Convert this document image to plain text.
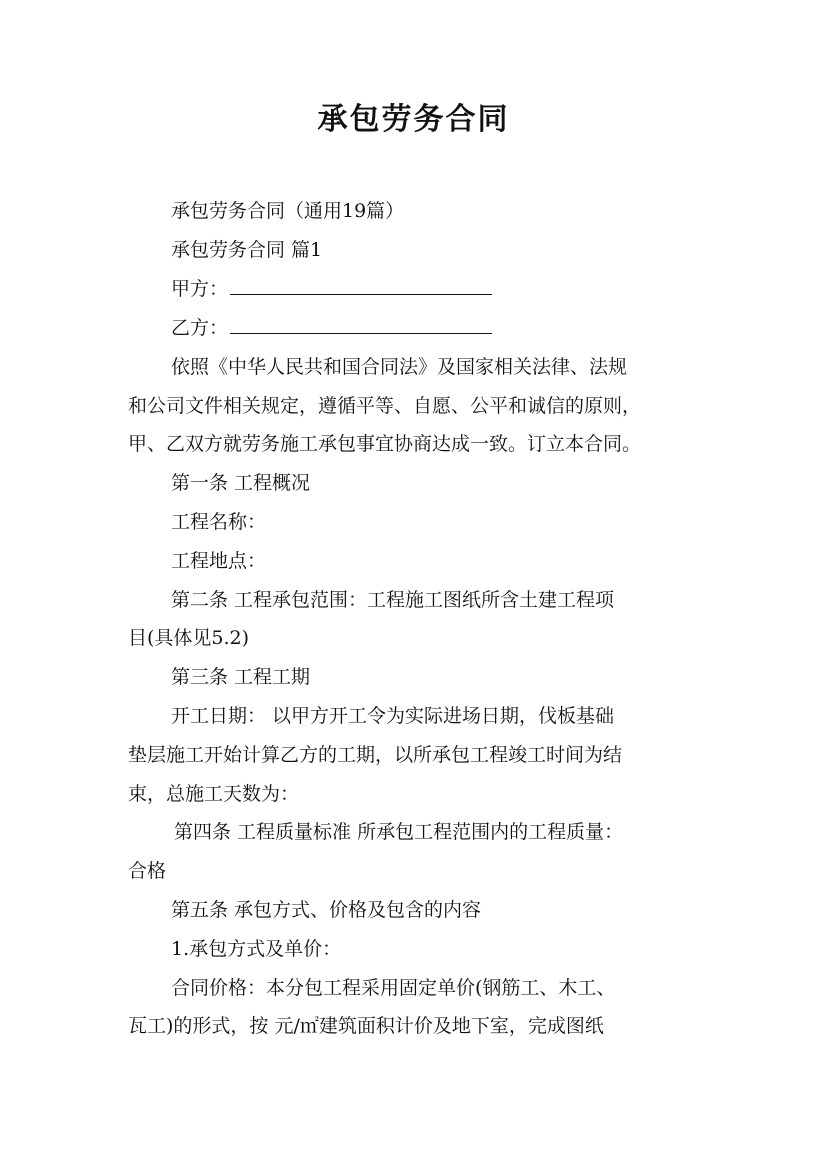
承包劳务合同
承包劳务合同（通用19篇）
承包劳务合同 篇1
甲方：
乙方：
依照《中华人民共和国合同法》及国家相关法律、法规
和公司文件相关规定，遵循平等、自愿、公平和诚信的原则，
甲、乙双方就劳务施工承包事宜协商达成一致。订立本合同。
第一条 工程概况
工程名称：
工程地点：
第二条 工程承包范围：工程施工图纸所含土建工程项
目(具体见5.2)
第三条 工程工期
开工日期： 以甲方开工令为实际进场日期，伐板基础
垫层施工开始计算乙方的工期，以所承包工程竣工时间为结
束，总施工天数为：
第四条 工程质量标准 所承包工程范围内的工程质量：
合格
第五条 承包方式、价格及包含的内容
1.承包方式及单价：
合同价格：本分包工程采用固定单价(钢筋工、木工、
瓦工)的形式，按 元/㎡建筑面积计价及地下室，完成图纸
